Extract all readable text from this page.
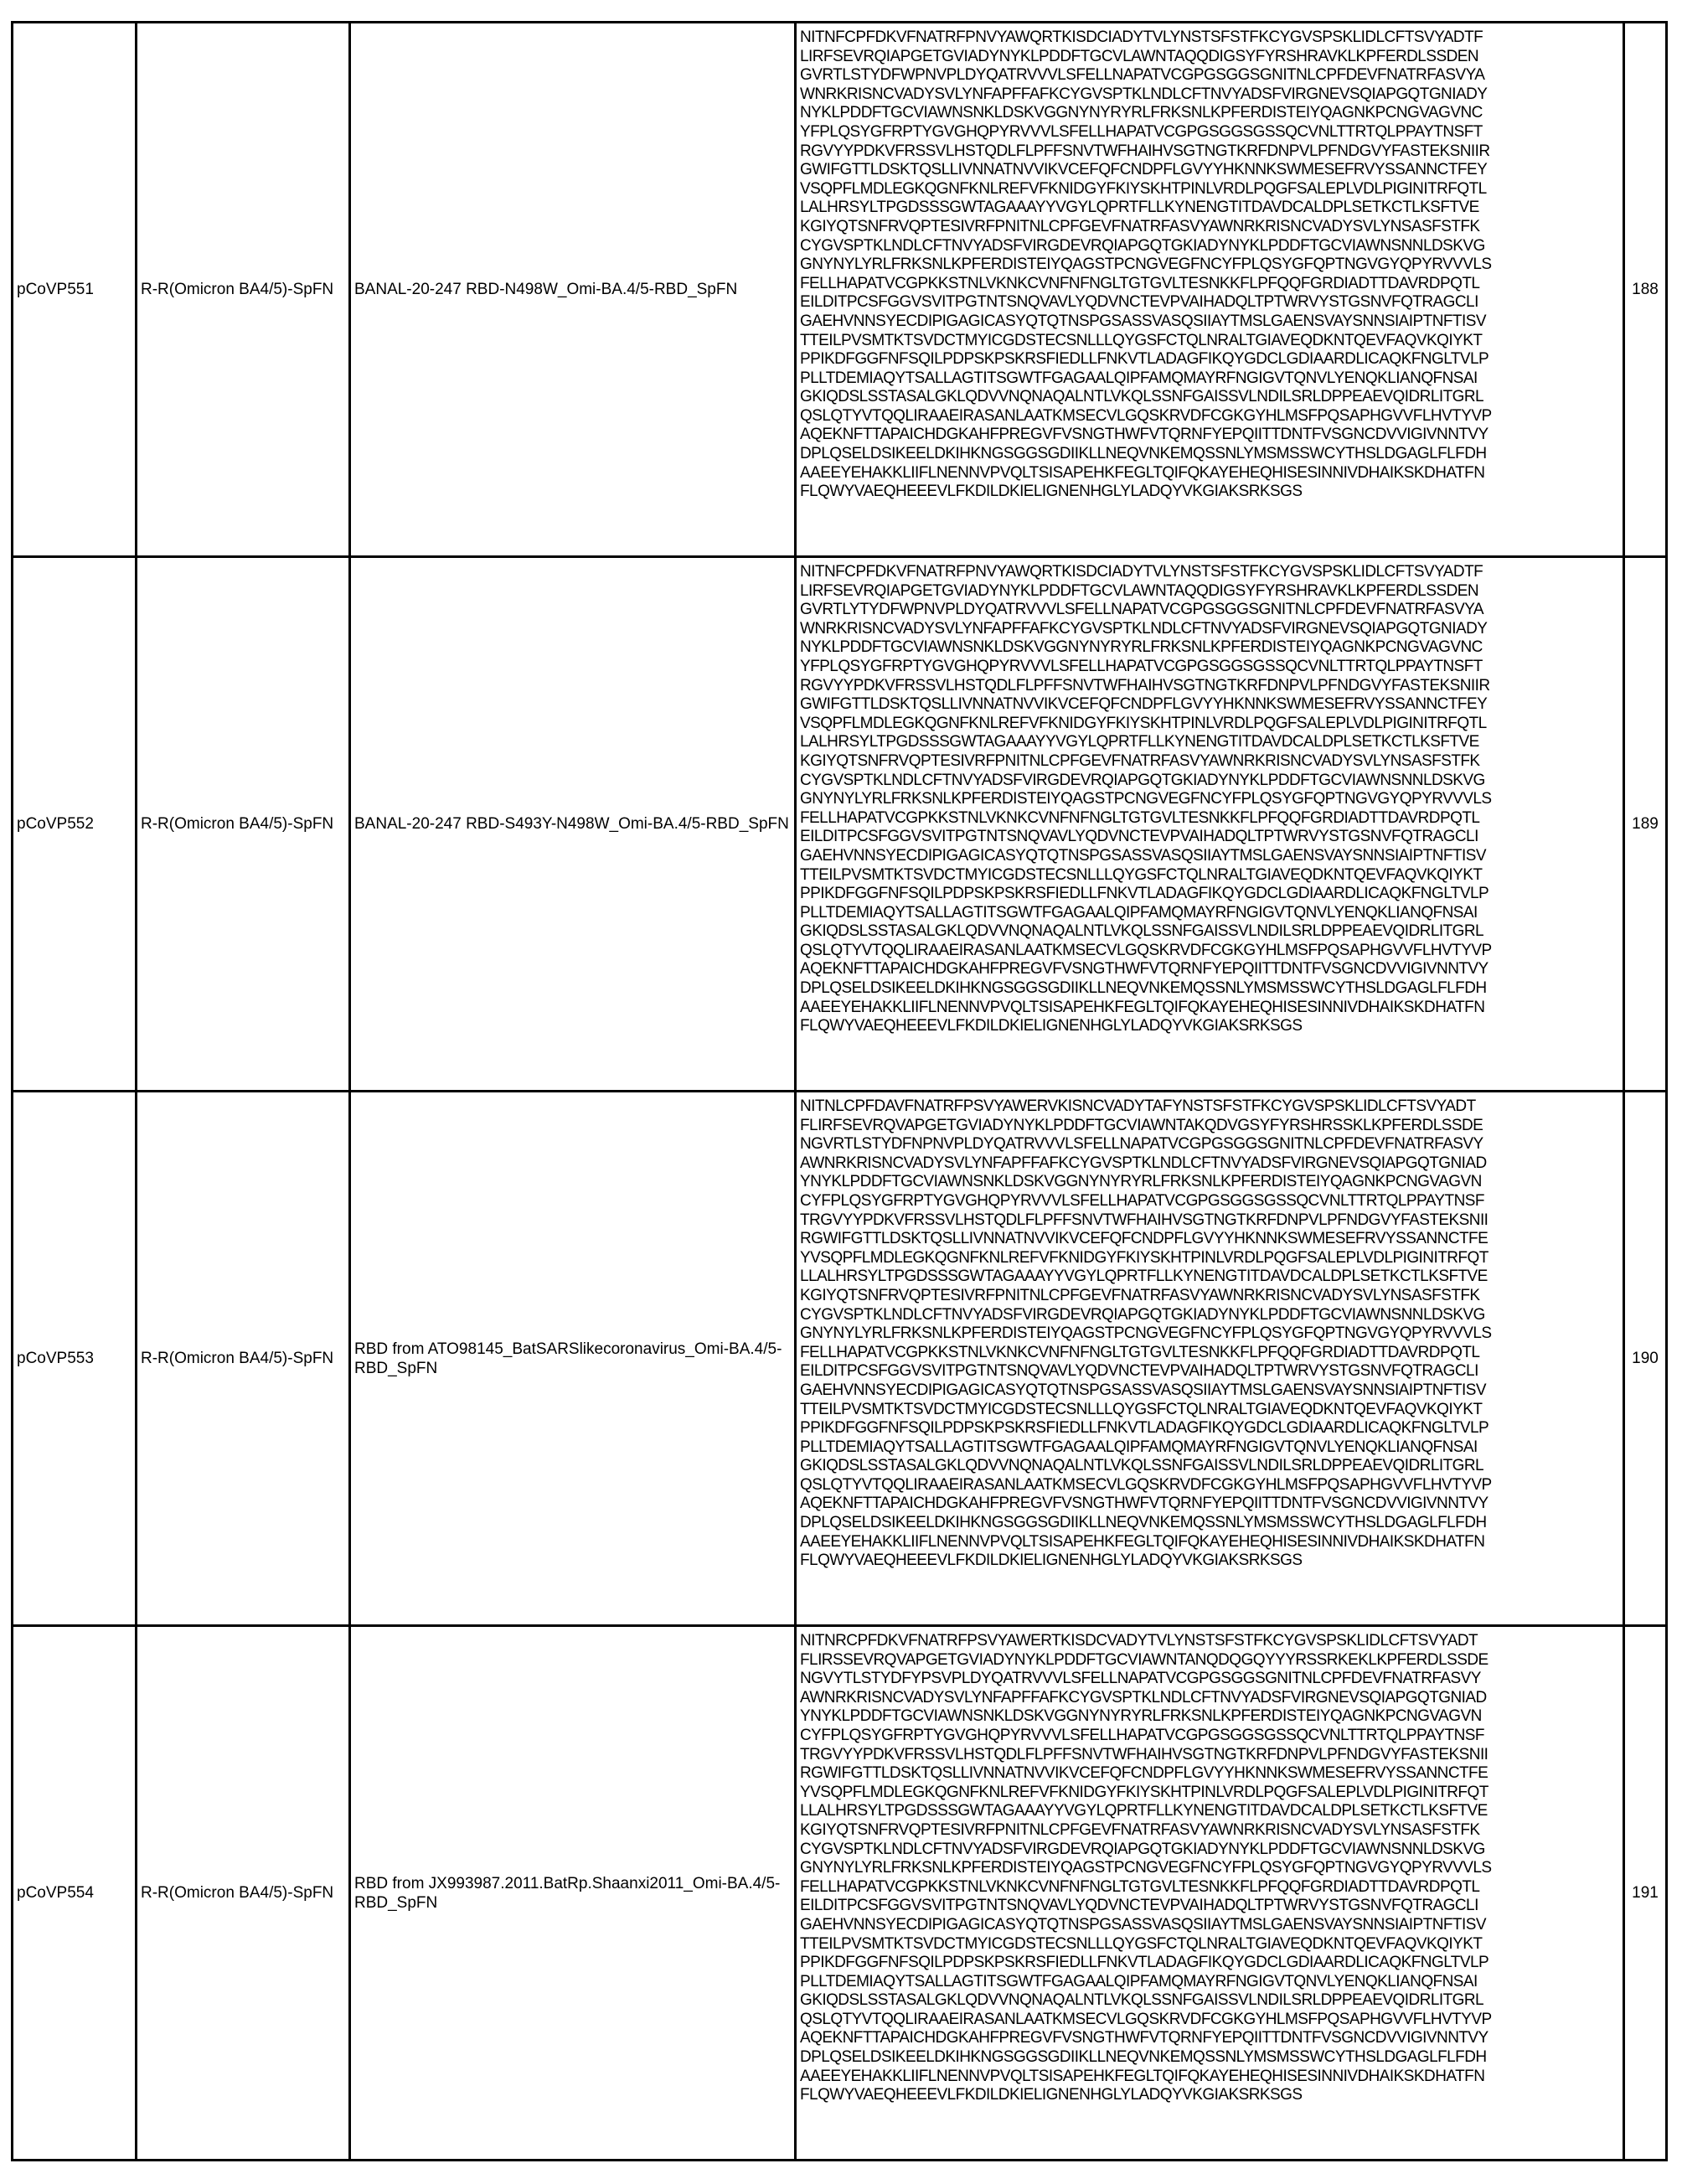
pCoVP551	R-R(Omicron BA4/5)-SpFN	BANAL-20-247 RBD-N498W_Omi-BA.4/5-RBD_SpFN	
NITNFCPFDKVFNATRFPNVYAWQRTKISDCIADYTVLYNSTSFSTFKCYGVSPSKLIDLCFTSVYADTF
LIRFSEVRQIAPGETGVIADYNYKLPDDFTGCVLAWNTAQQDIGSYFYRSHRAVKLKPFERDLSSDEN
GVRTLSTYDFWPNVPLDYQATRVVVLSFELLNAPATVCGPGSGGSGNITNLCPFDEVFNATRFASVYA
WNRKRISNCVADYSVLYNFAPFFAFKCYGVSPTKLNDLCFTNVYADSFVIRGNEVSQIAPGQTGNIADY
NYKLPDDFTGCVIAWNSNKLDSKVGGNYNYRYRLFRKSNLKPFERDISTEIYQAGNKPCNGVAGVNC
YFPLQSYGFRPTYGVGHQPYRVVVLSFELLHAPATVCGPGSGGSGSSQCVNLTTRTQLPPAYTNSFT
RGVYYPDKVFRSSVLHSTQDLFLPFFSNVTWFHAIHVSGTNGTKRFDNPVLPFNDGVYFASTEKSNIIR
GWIFGTTLDSKTQSLLIVNNATNVVIKVCEFQFCNDPFLGVYYHKNNKSWMESEFRVYSSANNCTFEY
VSQPFLMDLEGKQGNFKNLREFVFKNIDGYFKIYSKHTPINLVRDLPQGFSALEPLVDLPIGINITRFQTL
LALHRSYLTPGDSSSGWTAGAAAYYVGYLQPRTFLLKYNENGTITDAVDCALDPLSETKCTLKSFTVE
KGIYQTSNFRVQPTESIVRFPNITNLCPFGEVFNATRFASVYAWNRKRISNCVADYSVLYNSASFSTFK
CYGVSPTKLNDLCFTNVYADSFVIRGDEVRQIAPGQTGKIADYNYKLPDDFTGCVIAWNSNNLDSKVG
GNYNYLYRLFRKSNLKPFERDISTEIYQAGSTPCNGVEGFNCYFPLQSYGFQPTNGVGYQPYRVVVLS
FELLHAPATVCGPKKSTNLVKNKCVNFNFNGLTGTGVLTESNKKFLPFQQFGRDIADTTDAVRDPQTL
EILDITPCSFGGVSVITPGTNTSNQVAVLYQDVNCTEVPVAIHADQLTPTWRVYSTGSNVFQTRAGCLI
GAEHVNNSYECDIPIGAGICASYQTQTNSPGSASSVASQSIIAYTMSLGAENSVAYSNNSIAIPTNFTISV
TTEILPVSMTKTSVDCTMYICGDSTECSNLLLQYGSFCTQLNRALTGIAVEQDKNTQEVFAQVKQIYKT
PPIKDFGGFNFSQILPDPSKPSKRSFIEDLLFNKVTLADAGFIKQYGDCLGDIAARDLICAQKFNGLTVLP
PLLTDEMIAQYTSALLAGTITSGWTFGAGAALQIPFAMQMAYRFNGIGVTQNVLYENQKLIANQFNSAI
GKIQDSLSSTASALGKLQDVVNQNAQALNTLVKQLSSNFGAISSVLNDILSRLDPPEAEVQIDRLITGRL
QSLQTYVTQQLIRAAEIRASANLAATKMSECVLGQSKRVDFCGKGYHLMSFPQSAPHGVVFLHVTYVP
AQEKNFTTAPAICHDGKAHFPREGVFVSNGTHWFVTQRNFYEPQIITTDNTFVSGNCDVVIGIVNNTVY
DPLQSELDSIKEELDKIHKNGSGGSGDIIKLLNEQVNKEMQSSNLYMSMSSWCYTHSLDGAGLFLFDH
AAEEYEHAKKLIIFLNENNVPVQLTSISAPEHKFEGLTQIFQKAYEHEQHISESINNIVDHAIKSKDHATFN
FLQWYVAEQHEEEVLFKDILDKIELIGNENHGLYLADQYVKGIAKSRKSGS
	188
pCoVP552	R-R(Omicron BA4/5)-SpFN	BANAL-20-247 RBD-S493Y-N498W_Omi-BA.4/5-RBD_SpFN	
NITNFCPFDKVFNATRFPNVYAWQRTKISDCIADYTVLYNSTSFSTFKCYGVSPSKLIDLCFTSVYADTF
LIRFSEVRQIAPGETGVIADYNYKLPDDFTGCVLAWNTAQQDIGSYFYRSHRAVKLKPFERDLSSDEN
GVRTLYTYDFWPNVPLDYQATRVVVLSFELLNAPATVCGPGSGGSGNITNLCPFDEVFNATRFASVYA
WNRKRISNCVADYSVLYNFAPFFAFKCYGVSPTKLNDLCFTNVYADSFVIRGNEVSQIAPGQTGNIADY
NYKLPDDFTGCVIAWNSNKLDSKVGGNYNYRYRLFRKSNLKPFERDISTEIYQAGNKPCNGVAGVNC
YFPLQSYGFRPTYGVGHQPYRVVVLSFELLHAPATVCGPGSGGSGSSQCVNLTTRTQLPPAYTNSFT
RGVYYPDKVFRSSVLHSTQDLFLPFFSNVTWFHAIHVSGTNGTKRFDNPVLPFNDGVYFASTEKSNIIR
GWIFGTTLDSKTQSLLIVNNATNVVIKVCEFQFCNDPFLGVYYHKNNKSWMESEFRVYSSANNCTFEY
VSQPFLMDLEGKQGNFKNLREFVFKNIDGYFKIYSKHTPINLVRDLPQGFSALEPLVDLPIGINITRFQTL
LALHRSYLTPGDSSSGWTAGAAAYYVGYLQPRTFLLKYNENGTITDAVDCALDPLSETKCTLKSFTVE
KGIYQTSNFRVQPTESIVRFPNITNLCPFGEVFNATRFASVYAWNRKRISNCVADYSVLYNSASFSTFK
CYGVSPTKLNDLCFTNVYADSFVIRGDEVRQIAPGQTGKIADYNYKLPDDFTGCVIAWNSNNLDSKVG
GNYNYLYRLFRKSNLKPFERDISTEIYQAGSTPCNGVEGFNCYFPLQSYGFQPTNGVGYQPYRVVVLS
FELLHAPATVCGPKKSTNLVKNKCVNFNFNGLTGTGVLTESNKKFLPFQQFGRDIADTTDAVRDPQTL
EILDITPCSFGGVSVITPGTNTSNQVAVLYQDVNCTEVPVAIHADQLTPTWRVYSTGSNVFQTRAGCLI
GAEHVNNSYECDIPIGAGICASYQTQTNSPGSASSVASQSIIAYTMSLGAENSVAYSNNSIAIPTNFTISV
TTEILPVSMTKTSVDCTMYICGDSTECSNLLLQYGSFCTQLNRALTGIAVEQDKNTQEVFAQVKQIYKT
PPIKDFGGFNFSQILPDPSKPSKRSFIEDLLFNKVTLADAGFIKQYGDCLGDIAARDLICAQKFNGLTVLP
PLLTDEMIAQYTSALLAGTITSGWTFGAGAALQIPFAMQMAYRFNGIGVTQNVLYENQKLIANQFNSAI
GKIQDSLSSTASALGKLQDVVNQNAQALNTLVKQLSSNFGAISSVLNDILSRLDPPEAEVQIDRLITGRL
QSLQTYVTQQLIRAAEIRASANLAATKMSECVLGQSKRVDFCGKGYHLMSFPQSAPHGVVFLHVTYVP
AQEKNFTTAPAICHDGKAHFPREGVFVSNGTHWFVTQRNFYEPQIITTDNTFVSGNCDVVIGIVNNTVY
DPLQSELDSIKEELDKIHKNGSGGSGDIIKLLNEQVNKEMQSSNLYMSMSSWCYTHSLDGAGLFLFDH
AAEEYEHAKKLIIFLNENNVPVQLTSISAPEHKFEGLTQIFQKAYEHEQHISESINNIVDHAIKSKDHATFN
FLQWYVAEQHEEEVLFKDILDKIELIGNENHGLYLADQYVKGIAKSRKSGS
	189
pCoVP553	R-R(Omicron BA4/5)-SpFN	RBD from ATO98145_BatSARSlikecoronavirus_Omi-BA.4/5-RBD_SpFN	
NITNLCPFDAVFNATRFPSVYAWERVKISNCVADYTAFYNSTSFSTFKCYGVSPSKLIDLCFTSVYADT
FLIRFSEVRQVAPGETGVIADYNYKLPDDFTGCVIAWNTAKQDVGSYFYRSHRSSKLKPFERDLSSDE
NGVRTLSTYDFNPNVPLDYQATRVVVLSFELLNAPATVCGPGSGGSGNITNLCPFDEVFNATRFASVY
AWNRKRISNCVADYSVLYNFAPFFAFKCYGVSPTKLNDLCFTNVYADSFVIRGNEVSQIAPGQTGNIAD
YNYKLPDDFTGCVIAWNSNKLDSKVGGNYNYRYRLFRKSNLKPFERDISTEIYQAGNKPCNGVAGVN
CYFPLQSYGFRPTYGVGHQPYRVVVLSFELLHAPATVCGPGSGGSGSSQCVNLTTRTQLPPAYTNSF
TRGVYYPDKVFRSSVLHSTQDLFLPFFSNVTWFHAIHVSGTNGTKRFDNPVLPFNDGVYFASTEKSNII
RGWIFGTTLDSKTQSLLIVNNATNVVIKVCEFQFCNDPFLGVYYHKNNKSWMESEFRVYSSANNCTFE
YVSQPFLMDLEGKQGNFKNLREFVFKNIDGYFKIYSKHTPINLVRDLPQGFSALEPLVDLPIGINITRFQT
LLALHRSYLTPGDSSSGWTAGAAAYYVGYLQPRTFLLKYNENGTITDAVDCALDPLSETKCTLKSFTVE
KGIYQTSNFRVQPTESIVRFPNITNLCPFGEVFNATRFASVYAWNRKRISNCVADYSVLYNSASFSTFK
CYGVSPTKLNDLCFTNVYADSFVIRGDEVRQIAPGQTGKIADYNYKLPDDFTGCVIAWNSNNLDSKVG
GNYNYLYRLFRKSNLKPFERDISTEIYQAGSTPCNGVEGFNCYFPLQSYGFQPTNGVGYQPYRVVVLS
FELLHAPATVCGPKKSTNLVKNKCVNFNFNGLTGTGVLTESNKKFLPFQQFGRDIADTTDAVRDPQTL
EILDITPCSFGGVSVITPGTNTSNQVAVLYQDVNCTEVPVAIHADQLTPTWRVYSTGSNVFQTRAGCLI
GAEHVNNSYECDIPIGAGICASYQTQTNSPGSASSVASQSIIAYTMSLGAENSVAYSNNSIAIPTNFTISV
TTEILPVSMTKTSVDCTMYICGDSTECSNLLLQYGSFCTQLNRALTGIAVEQDKNTQEVFAQVKQIYKT
PPIKDFGGFNFSQILPDPSKPSKRSFIEDLLFNKVTLADAGFIKQYGDCLGDIAARDLICAQKFNGLTVLP
PLLTDEMIAQYTSALLAGTITSGWTFGAGAALQIPFAMQMAYRFNGIGVTQNVLYENQKLIANQFNSAI
GKIQDSLSSTASALGKLQDVVNQNAQALNTLVKQLSSNFGAISSVLNDILSRLDPPEAEVQIDRLITGRL
QSLQTYVTQQLIRAAEIRASANLAATKMSECVLGQSKRVDFCGKGYHLMSFPQSAPHGVVFLHVTYVP
AQEKNFTTAPAICHDGKAHFPREGVFVSNGTHWFVTQRNFYEPQIITTDNTFVSGNCDVVIGIVNNTVY
DPLQSELDSIKEELDKIHKNGSGGSGDIIKLLNEQVNKEMQSSNLYMSMSSWCYTHSLDGAGLFLFDH
AAEEYEHAKKLIIFLNENNVPVQLTSISAPEHKFEGLTQIFQKAYEHEQHISESINNIVDHAIKSKDHATFN
FLQWYVAEQHEEEVLFKDILDKIELIGNENHGLYLADQYVKGIAKSRKSGS
	190
pCoVP554	R-R(Omicron BA4/5)-SpFN	RBD from JX993987.2011.BatRp.Shaanxi2011_Omi-BA.4/5-RBD_SpFN	
NITNRCPFDKVFNATRFPSVYAWERTKISDCVADYTVLYNSTSFSTFKCYGVSPSKLIDLCFTSVYADT
FLIRSSEVRQVAPGETGVIADYNYKLPDDFTGCVIAWNTANQDQGQYYYRSSRKEKLKPFERDLSSDE
NGVYTLSTYDFYPSVPLDYQATRVVVLSFELLNAPATVCGPGSGGSGNITNLCPFDEVFNATRFASVY
AWNRKRISNCVADYSVLYNFAPFFAFKCYGVSPTKLNDLCFTNVYADSFVIRGNEVSQIAPGQTGNIAD
YNYKLPDDFTGCVIAWNSNKLDSKVGGNYNYRYRLFRKSNLKPFERDISTEIYQAGNKPCNGVAGVN
CYFPLQSYGFRPTYGVGHQPYRVVVLSFELLHAPATVCGPGSGGSGSSQCVNLTTRTQLPPAYTNSF
TRGVYYPDKVFRSSVLHSTQDLFLPFFSNVTWFHAIHVSGTNGTKRFDNPVLPFNDGVYFASTEKSNII
RGWIFGTTLDSKTQSLLIVNNATNVVIKVCEFQFCNDPFLGVYYHKNNKSWMESEFRVYSSANNCTFE
YVSQPFLMDLEGKQGNFKNLREFVFKNIDGYFKIYSKHTPINLVRDLPQGFSALEPLVDLPIGINITRFQT
LLALHRSYLTPGDSSSGWTAGAAAYYVGYLQPRTFLLKYNENGTITDAVDCALDPLSETKCTLKSFTVE
KGIYQTSNFRVQPTESIVRFPNITNLCPFGEVFNATRFASVYAWNRKRISNCVADYSVLYNSASFSTFK
CYGVSPTKLNDLCFTNVYADSFVIRGDEVRQIAPGQTGKIADYNYKLPDDFTGCVIAWNSNNLDSKVG
GNYNYLYRLFRKSNLKPFERDISTEIYQAGSTPCNGVEGFNCYFPLQSYGFQPTNGVGYQPYRVVVLS
FELLHAPATVCGPKKSTNLVKNKCVNFNFNGLTGTGVLTESNKKFLPFQQFGRDIADTTDAVRDPQTL
EILDITPCSFGGVSVITPGTNTSNQVAVLYQDVNCTEVPVAIHADQLTPTWRVYSTGSNVFQTRAGCLI
GAEHVNNSYECDIPIGAGICASYQTQTNSPGSASSVASQSIIAYTMSLGAENSVAYSNNSIAIPTNFTISV
TTEILPVSMTKTSVDCTMYICGDSTECSNLLLQYGSFCTQLNRALTGIAVEQDKNTQEVFAQVKQIYKT
PPIKDFGGFNFSQILPDPSKPSKRSFIEDLLFNKVTLADAGFIKQYGDCLGDIAARDLICAQKFNGLTVLP
PLLTDEMIAQYTSALLAGTITSGWTFGAGAALQIPFAMQMAYRFNGIGVTQNVLYENQKLIANQFNSAI
GKIQDSLSSTASALGKLQDVVNQNAQALNTLVKQLSSNFGAISSVLNDILSRLDPPEAEVQIDRLITGRL
QSLQTYVTQQLIRAAEIRASANLAATKMSECVLGQSKRVDFCGKGYHLMSFPQSAPHGVVFLHVTYVP
AQEKNFTTAPAICHDGKAHFPREGVFVSNGTHWFVTQRNFYEPQIITTDNTFVSGNCDVVIGIVNNTVY
DPLQSELDSIKEELDKIHKNGSGGSGDIIKLLNEQVNKEMQSSNLYMSMSSWCYTHSLDGAGLFLFDH
AAEEYEHAKKLIIFLNENNVPVQLTSISAPEHKFEGLTQIFQKAYEHEQHISESINNIVDHAIKSKDHATFN
FLQWYVAEQHEEEVLFKDILDKIELIGNENHGLYLADQYVKGIAKSRKSGS
	191
